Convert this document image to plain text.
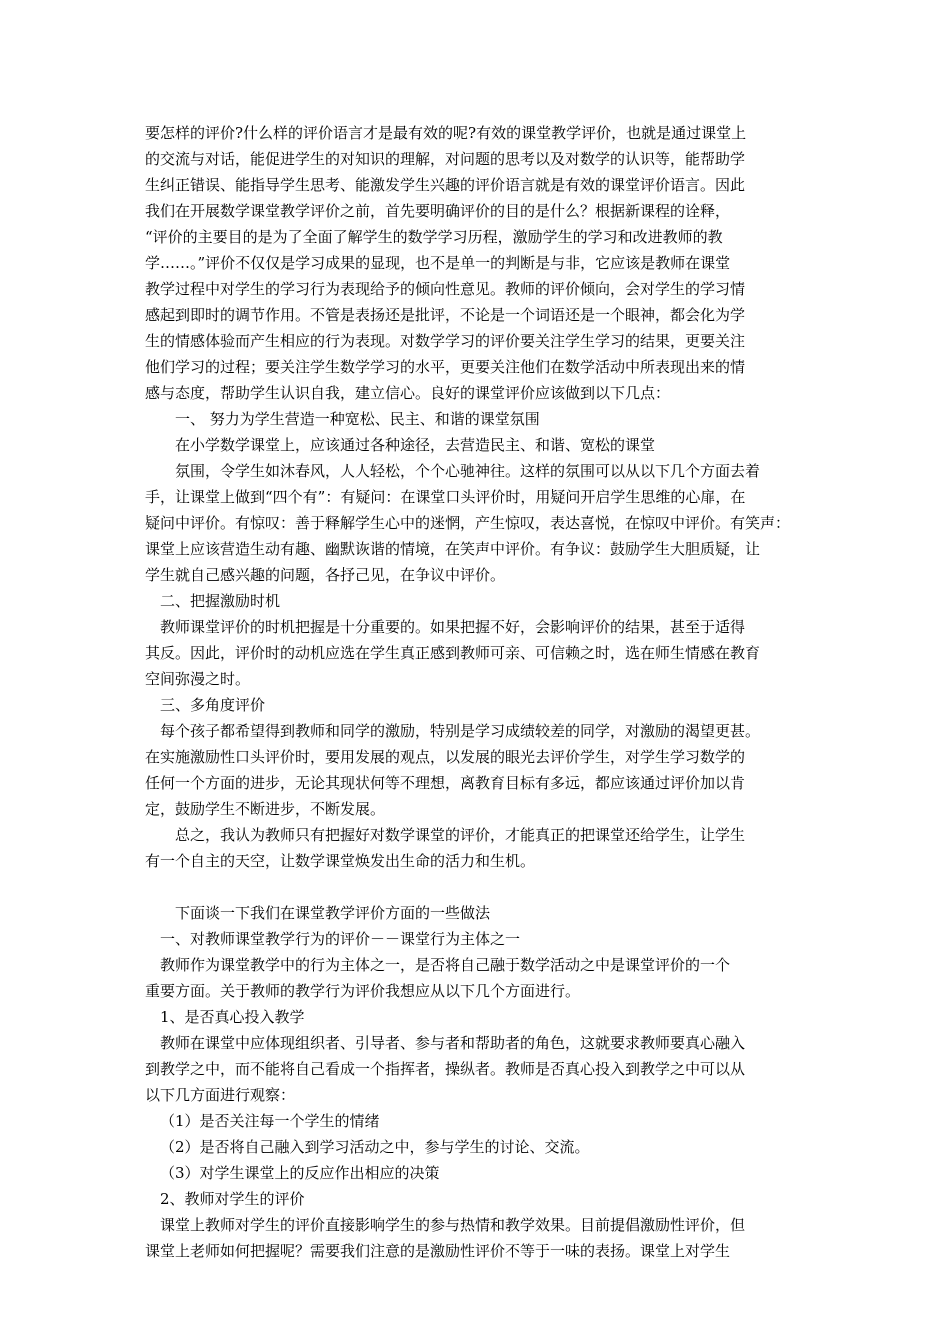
要怎样的评价?什么样的评价语言才是最有效的呢?有效的课堂教学评价，也就是通过课堂上
的交流与对话，能促进学生的对知识的理解，对问题的思考以及对数学的认识等，能帮助学
生纠正错误、能指导学生思考、能激发学生兴趣的评价语言就是有效的课堂评价语言。因此
我们在开展数学课堂教学评价之前，首先要明确评价的目的是什么？根据新课程的诠释，
“评价的主要目的是为了全面了解学生的数学学习历程，激励学生的学习和改进教师的教
学……。”评价不仅仅是学习成果的显现，也不是单一的判断是与非，它应该是教师在课堂
教学过程中对学生的学习行为表现给予的倾向性意见。教师的评价倾向，会对学生的学习情
感起到即时的调节作用。不管是表扬还是批评，不论是一个词语还是一个眼神，都会化为学
生的情感体验而产生相应的行为表现。对数学学习的评价要关注学生学习的结果，更要关注
他们学习的过程；要关注学生数学学习的水平，更要关注他们在数学活动中所表现出来的情
感与态度，帮助学生认识自我，建立信心。良好的课堂评价应该做到以下几点：
一、 努力为学生营造一种宽松、民主、和谐的课堂氛围
在小学数学课堂上，应该通过各种途径，去营造民主、和谐、宽松的课堂
氛围，令学生如沐春风，人人轻松，个个心驰神往。这样的氛围可以从以下几个方面去着
手，让课堂上做到“四个有”：有疑问：在课堂口头评价时，用疑问开启学生思维的心扉，在
疑问中评价。有惊叹：善于释解学生心中的迷惘，产生惊叹，表达喜悦，在惊叹中评价。有笑声：
课堂上应该营造生动有趣、幽默诙谐的情境，在笑声中评价。有争议：鼓励学生大胆质疑，让
学生就自己感兴趣的问题，各抒己见，在争议中评价。
二、把握激励时机
教师课堂评价的时机把握是十分重要的。如果把握不好，会影响评价的结果，甚至于适得
其反。因此，评价时的动机应选在学生真正感到教师可亲、可信赖之时，选在师生情感在教育
空间弥漫之时。
三、多角度评价
每个孩子都希望得到教师和同学的激励，特别是学习成绩较差的同学，对激励的渴望更甚。
在实施激励性口头评价时，要用发展的观点，以发展的眼光去评价学生，对学生学习数学的
任何一个方面的进步，无论其现状何等不理想，离教育目标有多远，都应该通过评价加以肯
定，鼓励学生不断进步，不断发展。
总之，我认为教师只有把握好对数学课堂的评价，才能真正的把课堂还给学生，让学生
有一个自主的天空，让数学课堂焕发出生命的活力和生机。
下面谈一下我们在课堂教学评价方面的一些做法
一、对教师课堂教学行为的评价－－课堂行为主体之一
教师作为课堂教学中的行为主体之一，是否将自己融于数学活动之中是课堂评价的一个
重要方面。关于教师的教学行为评价我想应从以下几个方面进行。
1、是否真心投入教学
教师在课堂中应体现组织者、引导者、参与者和帮助者的角色，这就要求教师要真心融入
到教学之中，而不能将自己看成一个指挥者，操纵者。教师是否真心投入到教学之中可以从
以下几方面进行观察：
（1）是否关注每一个学生的情绪
（2）是否将自己融入到学习活动之中，参与学生的讨论、交流。
（3）对学生课堂上的反应作出相应的决策
2、教师对学生的评价
课堂上教师对学生的评价直接影响学生的参与热情和教学效果。目前提倡激励性评价，但
课堂上老师如何把握呢？需要我们注意的是激励性评价不等于一味的表扬。课堂上对学生
